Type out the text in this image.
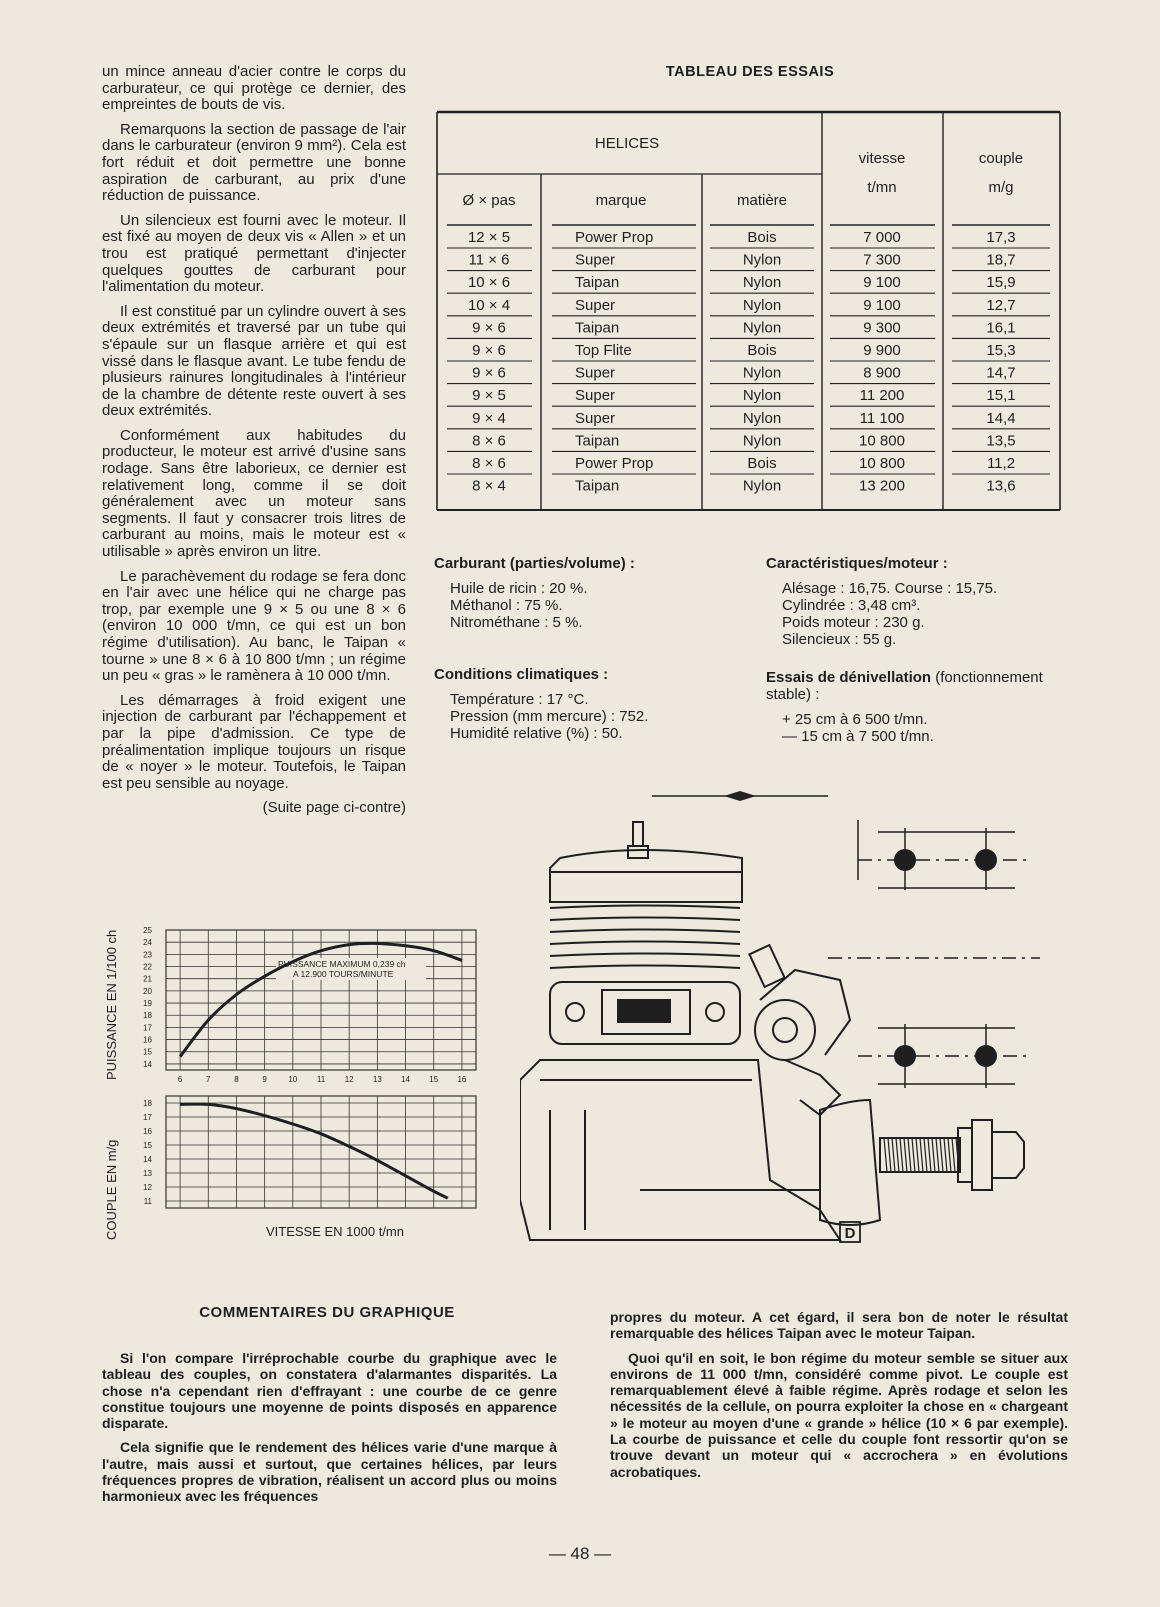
un mince anneau d'acier contre le corps du carburateur, ce qui protège ce dernier, des empreintes de bouts de vis.

Remarquons la section de passage de l'air dans le carburateur (environ 9 mm²). Cela est fort réduit et doit permettre une bonne aspiration de carburant, au prix d'une réduction de puissance.

Un silencieux est fourni avec le moteur. Il est fixé au moyen de deux vis « Allen » et un trou est pratiqué permettant d'injecter quelques gouttes de carburant pour l'alimentation du moteur.

Il est constitué par un cylindre ouvert à ses deux extrémités et traversé par un tube qui s'épaule sur un flasque arrière et qui est vissé dans le flasque avant. Le tube fendu de plusieurs rainures longitudinales à l'intérieur de la chambre de détente reste ouvert à ses deux extrémités.

Conformément aux habitudes du producteur, le moteur est arrivé d'usine sans rodage. Sans être laborieux, ce dernier est relativement long, comme il se doit généralement avec un moteur sans segments. Il faut y consacrer trois litres de carburant au moins, mais le moteur est « utilisable » après environ un litre.

Le parachèvement du rodage se fera donc en l'air avec une hélice qui ne charge pas trop, par exemple une 9 × 5 ou une 8 × 6 (environ 10 000 t/mn, ce qui est un bon régime d'utilisation). Au banc, le Taipan « tourne » une 8 × 6 à 10 800 t/mn ; un régime un peu « gras » le ramènera à 10 000 t/mn.

Les démarrages à froid exigent une injection de carburant par l'échappement et par la pipe d'admission. Ce type de préalimentation implique toujours un risque de « noyer » le moteur. Toutefois, le Taipan est peu sensible au noyage.

(Suite page ci-contre)
TABLEAU DES ESSAIS
HELICES
Ø × pas	marque	matière
vitesse	couple
t/mn	m/g
12 × 5	Power Prop	Bois	7 000	17,3
11 × 6	Super	Nylon	7 300	18,7
10 × 6	Taipan	Nylon	9 100	15,9
10 × 4	Super	Nylon	9 100	12,7
9 × 6	Taipan	Nylon	9 300	16,1
9 × 6	Top Flite	Bois	9 900	15,3
9 × 6	Super	Nylon	8 900	14,7
9 × 5	Super	Nylon	11 200	15,1
9 × 4	Super	Nylon	11 100	14,4
8 × 6	Taipan	Nylon	10 800	13,5
8 × 6	Power Prop	Bois	10 800	11,2
8 × 4	Taipan	Nylon	13 200	13,6
Carburant (parties/volume) :
Huile de ricin : 20 %.
Méthanol : 75 %.
Nitrométhane : 5 %.
Conditions climatiques :
Température : 17 °C.
Pression (mm mercure) : 752.
Humidité relative (%) : 50.
Caractéristiques/moteur :
Alésage : 16,75. Course : 15,75.
Cylindrée : 3,48 cm³.
Poids moteur : 230 g.
Silencieux : 55 g.
Essais de dénivellation (fonctionnement stable) :
+ 25 cm à 6 500 t/mn.
— 15 cm à 7 500 t/mn.
D
PUISSANCE EN 1/100 ch
COUPLE EN m/g
14
15
16
17
18
19
20
21
22
23
24
25
11
12
13
14
15
16
17
18
6	7	8	9	10 11 12 13 14 15 16
PUISSANCE MAXIMUM 0,239 ch
A 12.900 TOURS/MINUTE
VITESSE EN 1000 t/mn
COMMENTAIRES DU GRAPHIQUE

Si l'on compare l'irréprochable courbe du graphique avec le tableau des couples, on constatera d'alarmantes disparités. La chose n'a cependant rien d'effrayant : une courbe de ce genre constitue toujours une moyenne de points disposés en apparence disparate.

Cela signifie que le rendement des hélices varie d'une marque à l'autre, mais aussi et surtout, que certaines hélices, par leurs fréquences propres de vibration, réalisent un accord plus ou moins harmonieux avec les fréquences

propres du moteur. A cet égard, il sera bon de noter le résultat remarquable des hélices Taipan avec le moteur Taipan.

Quoi qu'il en soit, le bon régime du moteur semble se situer aux environs de 11 000 t/mn, considéré comme pivot. Le couple est remarquablement élevé à faible régime. Après rodage et selon les nécessités de la cellule, on pourra exploiter la chose en « chargeant » le moteur au moyen d'une « grande » hélice (10 × 6 par exemple). La courbe de puissance et celle du couple font ressortir qu'on se trouve devant un moteur qui « accrochera » en évolutions acrobatiques.

— 48 —
